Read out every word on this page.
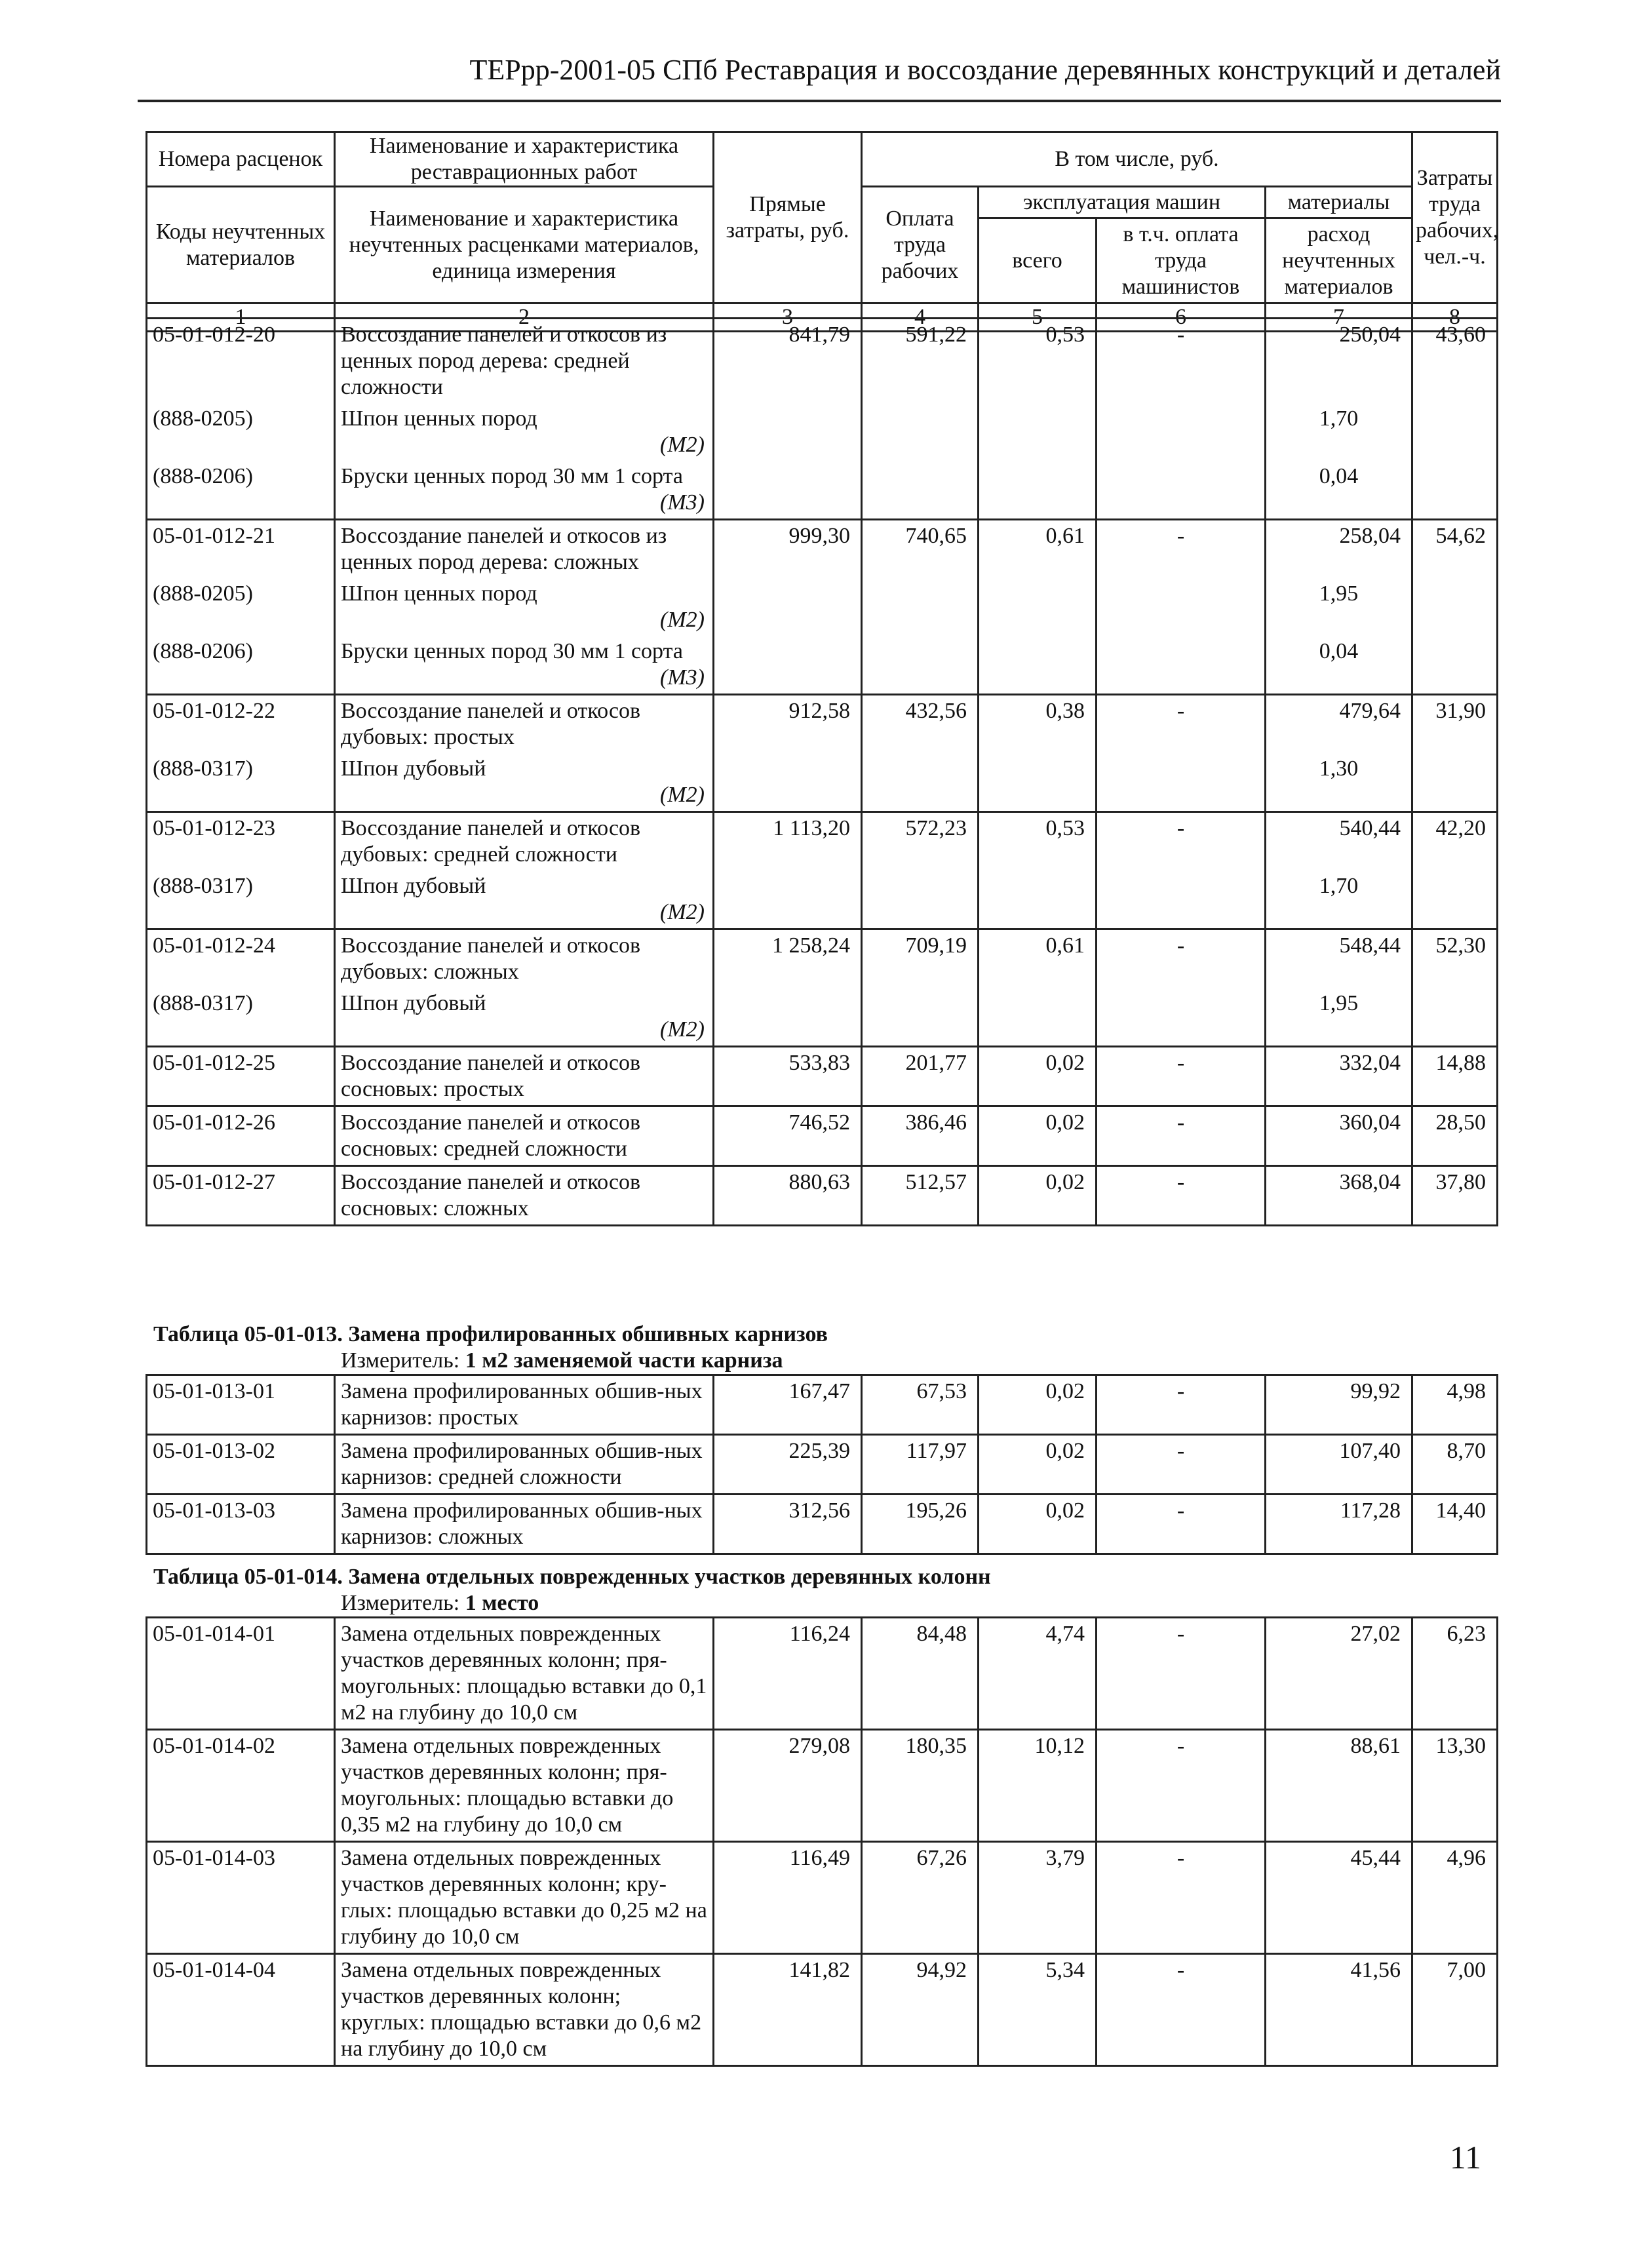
ТЕРрр-2001-05 СПб Реставрация и воссоздание деревянных конструкций и деталей
Номера расценок	Наименование и характеристика реставрационных работ	Прямые затраты, руб.	В том числе, руб.				Затраты труда рабочих, чел.-ч.
Коды неучтенных материалов	Наименование и характеристика неучтенных расценками материалов, единица измерения		Оплата труда рабочих	эксплуатация машин		материалы	
				всего	в т.ч. оплата труда машинистов	расход неучтенных материалов	
1	2	3	4	5	6	7	8
05-01-012-20	Воссоздание панелей и откосов из ценных пород дерева: средней сложности	841,79	591,22	0,53	-	250,04	43,60
(888-0205)	Шпон ценных пород
(М2)					1,70	
(888-0206)	Бруски ценных пород 30 мм 1 сорта
(М3)					0,04	
05-01-012-21	Воссоздание панелей и откосов из ценных пород дерева: сложных	999,30	740,65	0,61	-	258,04	54,62
(888-0205)	Шпон ценных пород
(М2)					1,95	
(888-0206)	Бруски ценных пород 30 мм 1 сорта
(М3)					0,04	
05-01-012-22	Воссоздание панелей и откосов дубовых: простых	912,58	432,56	0,38	-	479,64	31,90
(888-0317)	Шпон дубовый
(М2)					1,30	
05-01-012-23	Воссоздание панелей и откосов дубовых: средней сложности	1 113,20	572,23	0,53	-	540,44	42,20
(888-0317)	Шпон дубовый
(М2)					1,70	
05-01-012-24	Воссоздание панелей и откосов дубовых: сложных	1 258,24	709,19	0,61	-	548,44	52,30
(888-0317)	Шпон дубовый
(М2)					1,95	
05-01-012-25	Воссоздание панелей и откосов сосновых: простых	533,83	201,77	0,02	-	332,04	14,88
05-01-012-26	Воссоздание панелей и откосов сосновых: средней сложности	746,52	386,46	0,02	-	360,04	28,50
05-01-012-27	Воссоздание панелей и откосов сосновых: сложных	880,63	512,57	0,02	-	368,04	37,80
Таблица 05-01-013. Замена профилированных обшивных карнизов
Измеритель: 1 м2 заменяемой части карниза
05-01-013-01	Замена профилированных обшив-ных карнизов: простых	167,47	67,53	0,02	-	99,92	4,98
05-01-013-02	Замена профилированных обшив-ных карнизов: средней сложности	225,39	117,97	0,02	-	107,40	8,70
05-01-013-03	Замена профилированных обшив-ных карнизов: сложных	312,56	195,26	0,02	-	117,28	14,40
Таблица 05-01-014. Замена отдельных поврежденных участков деревянных колонн
Измеритель: 1 место
05-01-014-01	Замена отдельных поврежденных участков деревянных колонн; пря-моугольных: площадью вставки до 0,1 м2 на глубину до 10,0 см	116,24	84,48	4,74	-	27,02	6,23
05-01-014-02	Замена отдельных поврежденных участков деревянных колонн; пря-моугольных: площадью вставки до 0,35 м2 на глубину до 10,0 см	279,08	180,35	10,12	-	88,61	13,30
05-01-014-03	Замена отдельных поврежденных участков деревянных колонн; кру-глых: площадью вставки до 0,25 м2 на глубину до 10,0 см	116,49	67,26	3,79	-	45,44	4,96
05-01-014-04	Замена отдельных поврежденных участков деревянных колонн; круглых: площадью вставки до 0,6 м2 на глубину до 10,0 см	141,82	94,92	5,34	-	41,56	7,00
11
